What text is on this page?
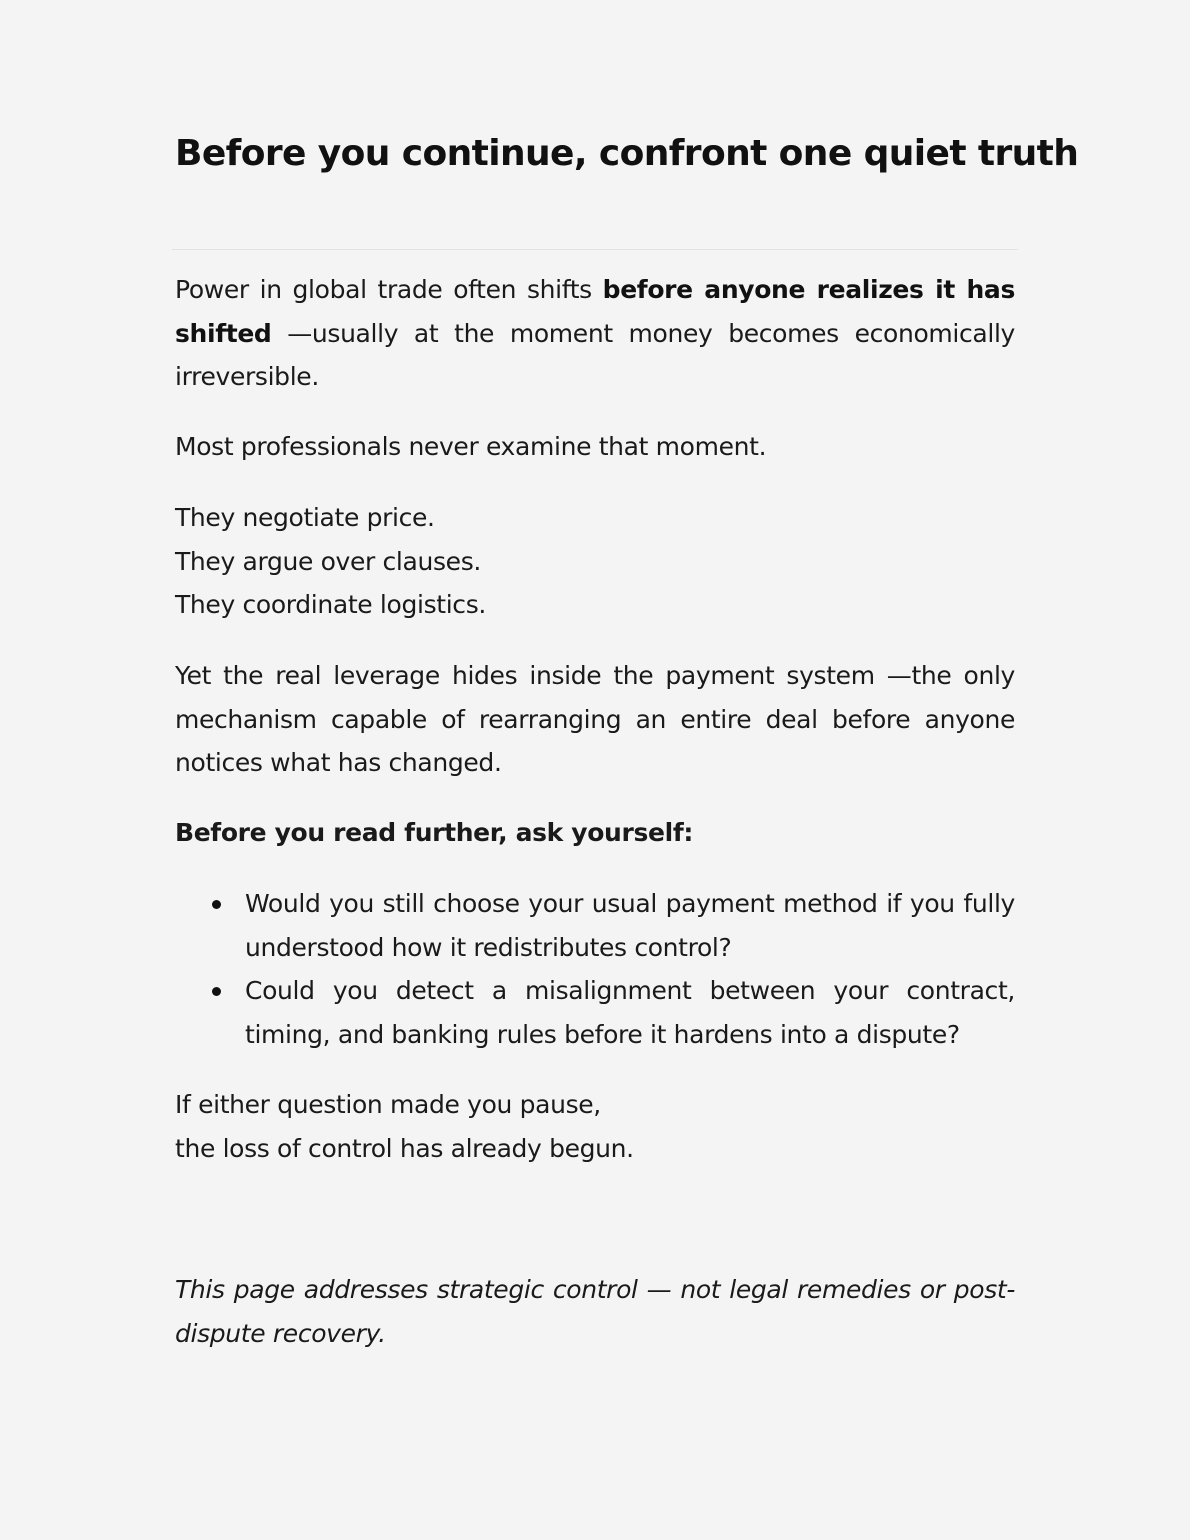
Before you continue, confront one quiet truth

Power in global trade often shifts before anyone realizes it has shifted —usually at the moment money becomes economically irreversible.

Most professionals never examine that moment.

They negotiate price.
They argue over clauses.
They coordinate logistics.

Yet the real leverage hides inside the payment system —the only mechanism capable of rearranging an entire deal before anyone notices what has changed.

Before you read further, ask yourself:

Would you still choose your usual payment method if you fully understood how it redistributes control?
Could you detect a misalignment between your contract, timing, and banking rules before it hardens into a dispute?

If either question made you pause,
the loss of control has already begun.

This page addresses strategic control — not legal remedies or post-dispute recovery.
